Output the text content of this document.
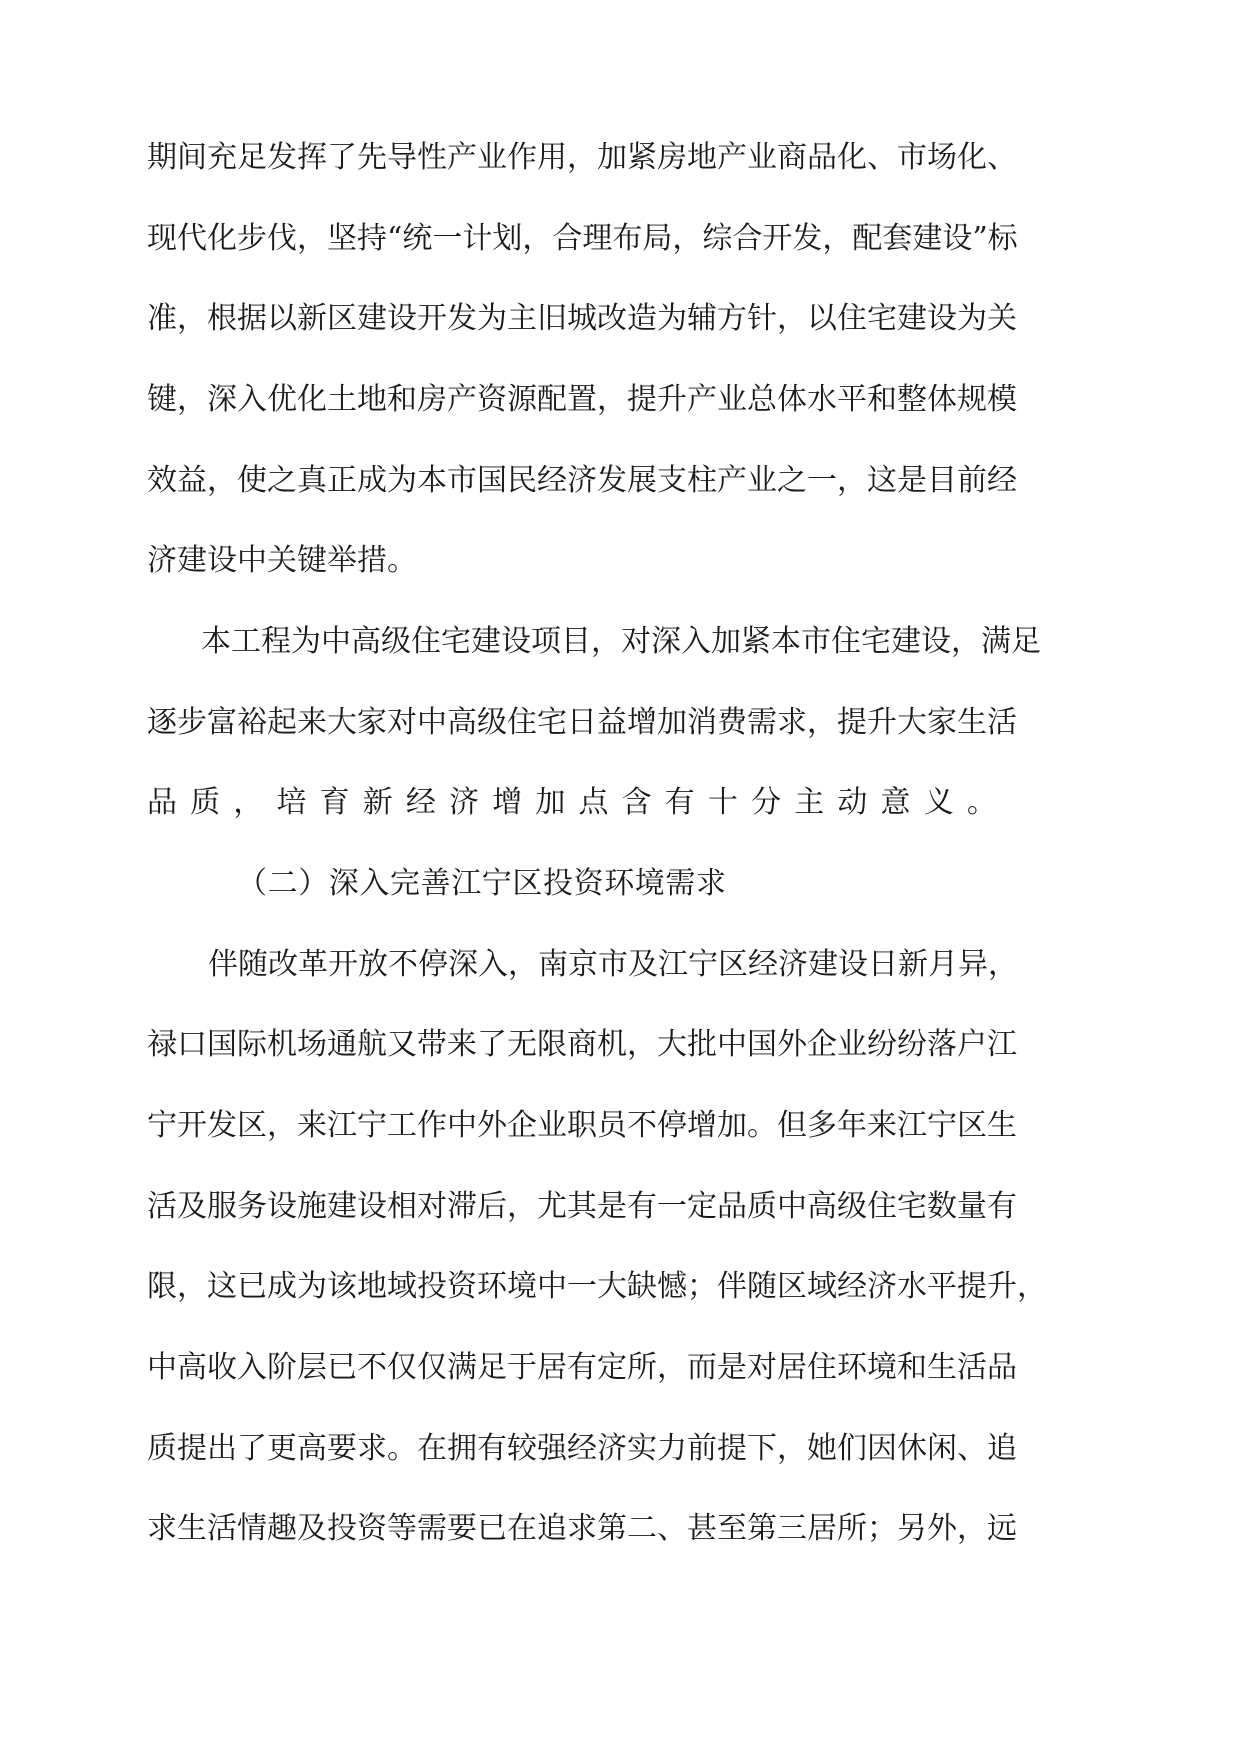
期间充足发挥了先导性产业作用，加紧房地产业商品化、市场化、
现代化步伐，坚持“统一计划，合理布局，综合开发，配套建设”标
准，根据以新区建设开发为主旧城改造为辅方针，以住宅建设为关
键，深入优化土地和房产资源配置，提升产业总体水平和整体规模
效益，使之真正成为本市国民经济发展支柱产业之一，这是目前经
济建设中关键举措。
本工程为中高级住宅建设项目，对深入加紧本市住宅建设，满足
逐步富裕起来大家对中高级住宅日益增加消费需求，提升大家生活
品质，培育新经济增加点含有十分主动意义。
（二）深入完善江宁区投资环境需求
伴随改革开放不停深入，南京市及江宁区经济建设日新月异，
禄口国际机场通航又带来了无限商机，大批中国外企业纷纷落户江
宁开发区，来江宁工作中外企业职员不停增加。但多年来江宁区生
活及服务设施建设相对滞后，尤其是有一定品质中高级住宅数量有
限，这已成为该地域投资环境中一大缺憾；伴随区域经济水平提升，
中高收入阶层已不仅仅满足于居有定所，而是对居住环境和生活品
质提出了更高要求。在拥有较强经济实力前提下，她们因休闲、追
求生活情趣及投资等需要已在追求第二、甚至第三居所；另外，远
